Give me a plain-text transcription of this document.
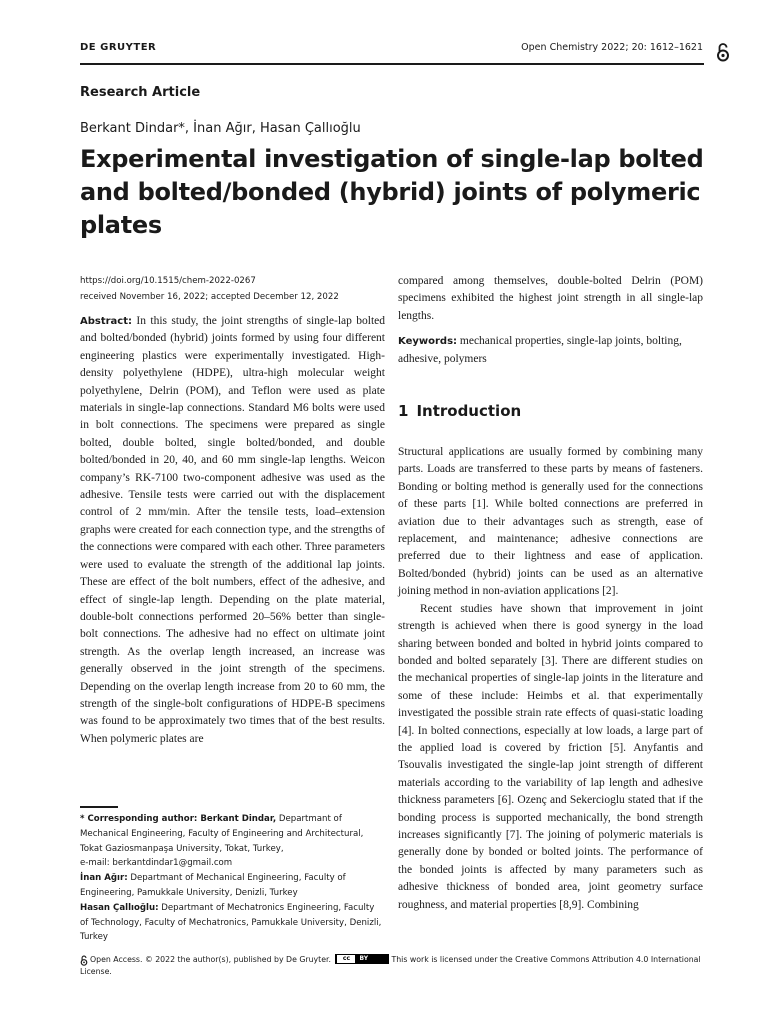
DE GRUYTER	Open Chemistry 2022; 20: 1612–1621
Research Article
Berkant Dindar*, İnan Ağır, Hasan Çallıoğlu
Experimental investigation of single-lap bolted and bolted/bonded (hybrid) joints of polymeric plates
https://doi.org/10.1515/chem-2022-0267
received November 16, 2022; accepted December 12, 2022
Abstract: In this study, the joint strengths of single-lap bolted and bolted/bonded (hybrid) joints formed by using four different engineering plastics were experimentally investigated. High-density polyethylene (HDPE), ultra-high molecular weight polyethylene, Delrin (POM), and Teflon were used as plate materials in single-lap connections. Standard M6 bolts were used in bolt connections. The specimens were prepared as single bolted, double bolted, single bolted/bonded, and double bolted/bonded in 20, 40, and 60 mm single-lap lengths. Weicon company’s RK-7100 two-component adhesive was used as the adhesive. Tensile tests were carried out with the displacement control of 2 mm/min. After the tensile tests, load–extension graphs were created for each connection type, and the strengths of the connections were compared with each other. Three parameters were used to evaluate the strength of the additional lap joints. These are effect of the bolt numbers, effect of the adhesive, and effect of single-lap length. Depending on the plate material, double-bolt connections performed 20–56% better than single-bolt connections. The adhesive had no effect on ultimate joint strength. As the overlap length increased, an increase was generally observed in the joint strength of the specimens. Depending on the overlap length increase from 20 to 60 mm, the strength of the single-bolt configurations of HDPE-B specimens was found to be approximately two times that of the best results. When polymeric plates are
* Corresponding author: Berkant Dindar, Departmant of Mechanical Engineering, Faculty of Engineering and Architectural, Tokat Gaziosmanpaşa University, Tokat, Turkey,
e-mail: berkantdindar1@gmail.com
İnan Ağır: Departmant of Mechanical Engineering, Faculty of Engineering, Pamukkale University, Denizli, Turkey
Hasan Çallıoğlu: Departmant of Mechatronics Engineering, Faculty of Technology, Faculty of Mechatronics, Pamukkale University, Denizli, Turkey

compared among themselves, double-bolted Delrin (POM) specimens exhibited the highest joint strength in all single-lap lengths.

Keywords: mechanical properties, single-lap joints, bolting, adhesive, polymers
1 Introduction

Structural applications are usually formed by combining many parts. Loads are transferred to these parts by means of fasteners. Bonding or bolting method is generally used for the connections of these parts [1]. While bolted connections are preferred in aviation due to their advantages such as strength, ease of replacement, and maintenance; adhesive connections are preferred due to their lightness and ease of application. Bolted/bonded (hybrid) joints can be used as an alternative joining method in non-aviation applications [2].

Recent studies have shown that improvement in joint strength is achieved when there is good synergy in the load sharing between bonded and bolted in hybrid joints compared to bonded and bolted separately [3]. There are different studies on the mechanical properties of single-lap joints in the literature and some of these include: Heimbs et al. that experimentally investigated the possible strain rate effects of quasi-static loading [4]. In bolted connections, especially at low loads, a large part of the applied load is covered by friction [5]. Anyfantis and Tsouvalis investigated the single-lap joint strength of different materials according to the variability of lap length and adhesive thickness parameters [6]. Ozenç and Sekercioglu stated that if the bonding process is supported mechanically, the bond strength increases significantly [7]. The joining of polymeric materials is generally done by bonded or bolted joints. The performance of the bonded joints is affected by many parameters such as adhesive thickness of bonded area, joint geometry surface roughness, and material properties [8,9]. Combining

Open Access. © 2022 the author(s), published by De Gruyter.	cc	BY	This work is licensed under the Creative Commons Attribution 4.0 International License.
